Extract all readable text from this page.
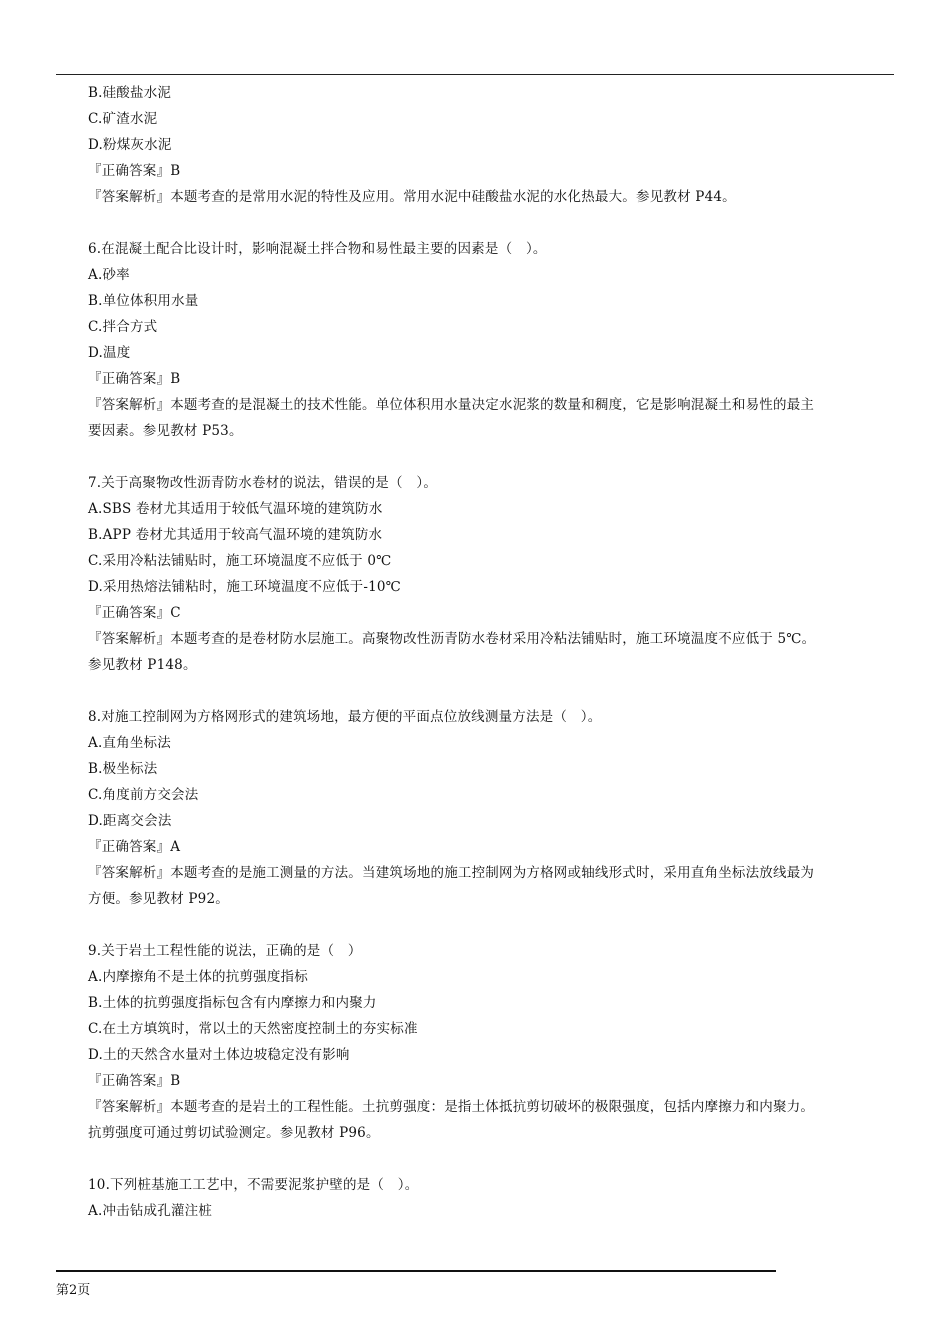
B.硅酸盐水泥
C.矿渣水泥
D.粉煤灰水泥
『正确答案』B
『答案解析』本题考查的是常用水泥的特性及应用。常用水泥中硅酸盐水泥的水化热最大。参见教材 P44。
6.在混凝土配合比设计时，影响混凝土拌合物和易性最主要的因素是（　）。
A.砂率
B.单位体积用水量
C.拌合方式
D.温度
『正确答案』B
『答案解析』本题考查的是混凝土的技术性能。单位体积用水量决定水泥浆的数量和稠度，它是影响混凝土和易性的最主
要因素。参见教材 P53。
7.关于高聚物改性沥青防水卷材的说法，错误的是（　）。
A.SBS 卷材尤其适用于较低气温环境的建筑防水
B.APP 卷材尤其适用于较高气温环境的建筑防水
C.采用冷粘法铺贴时，施工环境温度不应低于 0℃
D.采用热熔法铺粘时，施工环境温度不应低于-10℃
『正确答案』C
『答案解析』本题考查的是卷材防水层施工。高聚物改性沥青防水卷材采用冷粘法铺贴时，施工环境温度不应低于 5℃。
参见教材 P148。
8.对施工控制网为方格网形式的建筑场地，最方便的平面点位放线测量方法是（　）。
A.直角坐标法
B.极坐标法
C.角度前方交会法
D.距离交会法
『正确答案』A
『答案解析』本题考查的是施工测量的方法。当建筑场地的施工控制网为方格网或轴线形式时，采用直角坐标法放线最为
方便。参见教材 P92。
9.关于岩土工程性能的说法，正确的是（　）
A.内摩擦角不是土体的抗剪强度指标
B.土体的抗剪强度指标包含有内摩擦力和内聚力
C.在土方填筑时，常以土的天然密度控制土的夯实标准
D.土的天然含水量对土体边坡稳定没有影响
『正确答案』B
『答案解析』本题考查的是岩土的工程性能。土抗剪强度：是指土体抵抗剪切破坏的极限强度，包括内摩擦力和内聚力。
抗剪强度可通过剪切试验测定。参见教材 P96。
10.下列桩基施工工艺中，不需要泥浆护壁的是（　）。
A.冲击钻成孔灌注桩
第2页
